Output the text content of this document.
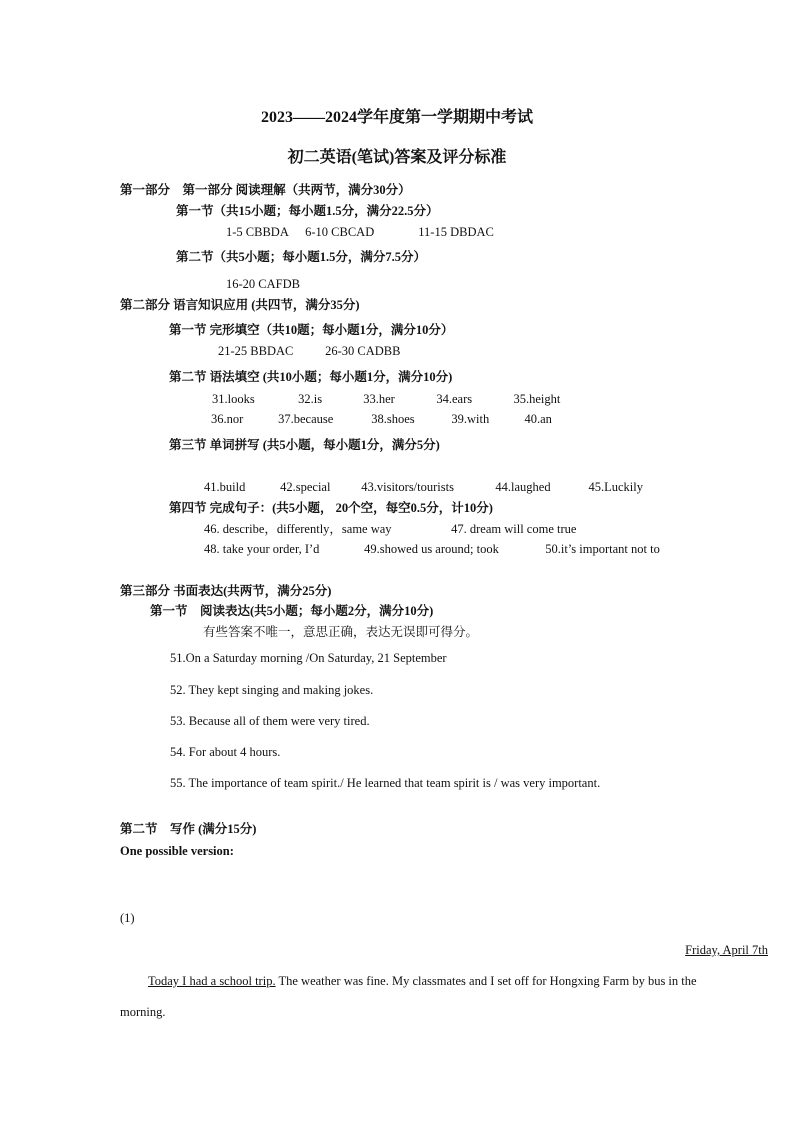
2023——2024学年度第一学期期中考试
初二英语(笔试)答案及评分标准
第一部分　第一部分 阅读理解（共两节，满分30分）
第一节（共15小题；每小题1.5分，满分22.5分）
1-5 CBBDA 6-10 CBCAD	11-15 DBDAC
第二节（共5小题；每小题1.5分，满分7.5分）
16-20 CAFDB
第二部分 语言知识应用 (共四节，满分35分)
第一节 完形填空（共10题；每小题1分，满分10分）
21-25 BBDAC	26-30 CADBB
第二节 语法填空 (共10小题；每小题1分，满分10分)
31.looks	32.is	33.her	34.ears	35.height
36.nor	37.because	38.shoes	39.with	40.an
第三节 单词拼写 (共5小题，每小题1分，满分5分)
41.build	42.special 43.visitors/tourists	44.laughed	45.Luckily
第四节 完成句子：(共5小题， 20个空，每空0.5分，计10分)
46. describe，differently，same way	47. dream will come true
48. take your order, I’d	49.showed us around; took	50.it’s important not to
第三部分 书面表达(共两节，满分25分)
第一节　阅读表达(共5小题；每小题2分，满分10分)
有些答案不唯一，意思正确，表达无误即可得分。
51.On a Saturday morning /On Saturday, 21 September
52. They kept singing and making jokes.
53. Because all of them were very tired.
54. For about 4 hours.
55. The importance of team spirit./ He learned that team spirit is / was very important.
第二节　写作 (满分15分)
One possible version:
(1)
Friday, April 7th
Today I had a school trip. The weather was fine. My classmates and I set off for Hongxing Farm by bus in the
morning.
